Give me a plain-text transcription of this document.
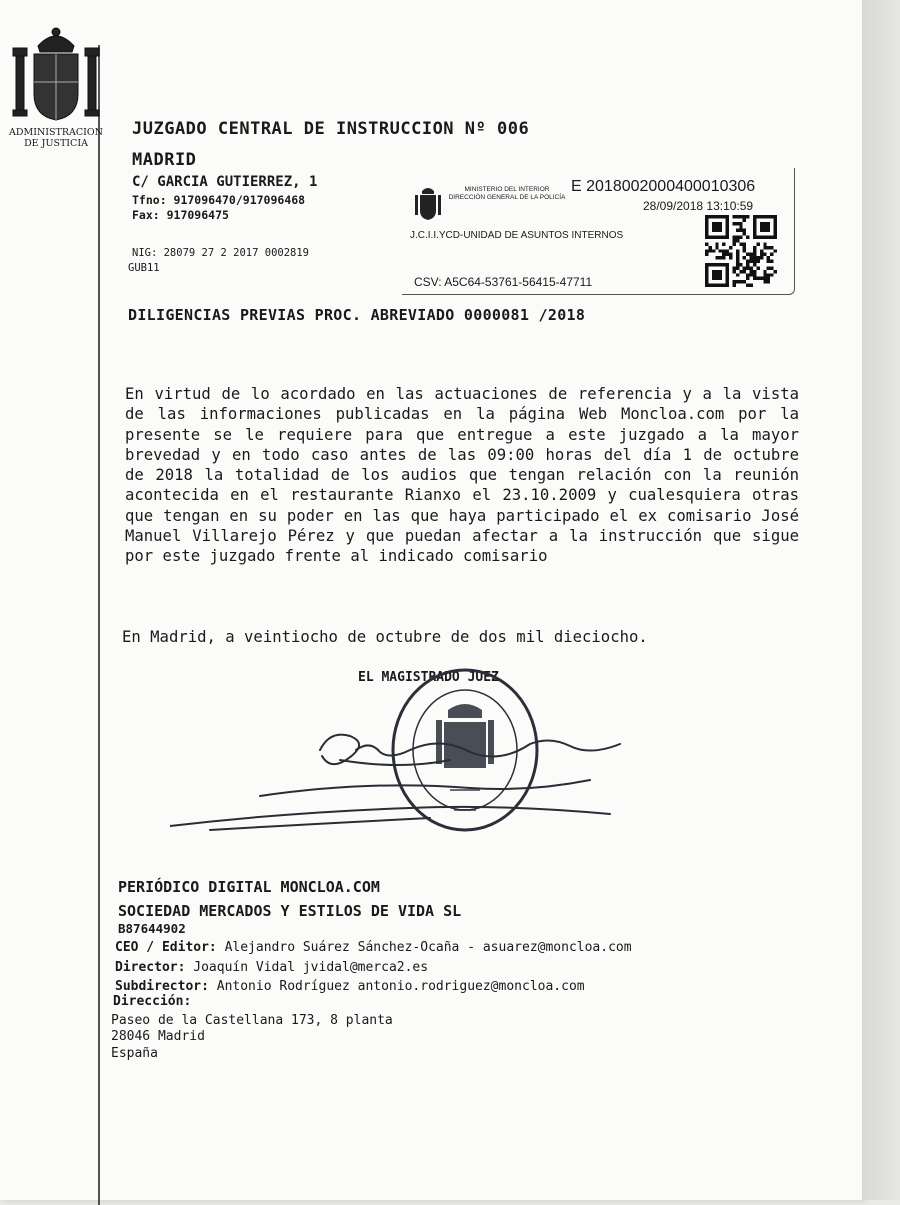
ADMINISTRACION DE JUSTICIA
JUZGADO CENTRAL DE INSTRUCCION Nº 006
MADRID
C/ GARCIA GUTIERREZ, 1
Tfno: 917096470/917096468
Fax: 917096475
NIG: 28079 27 2 2017 0002819
GUB11
MINISTERIO DEL INTERIOR DIRECCIÓN GENERAL DE LA POLICÍA
E 2018002000400010306
28/09/2018 13:10:59
J.C.I.I.YCD-UNIDAD DE ASUNTOS INTERNOS
CSV: A5C64-53761-56415-47711
DILIGENCIAS PREVIAS PROC. ABREVIADO 0000081 /2018
En virtud de lo acordado en las actuaciones de referencia y a la vista de las informaciones publicadas en la página Web Moncloa.com por la presente se le requiere para que entregue a este juzgado a la mayor brevedad y en todo caso antes de las 09:00 horas del día 1 de octubre de 2018 la totalidad de los audios que tengan relación con la reunión acontecida en el restaurante Rianxo el 23.10.2009 y cualesquiera otras que tengan en su poder en las que haya participado el ex comisario José Manuel Villarejo Pérez y que puedan afectar a la instrucción que sigue por este juzgado frente al indicado comisario
En Madrid, a veintiocho de octubre de dos mil dieciocho.
EL MAGISTRADO JUEZ
PERIÓDICO DIGITAL MONCLOA.COM
SOCIEDAD MERCADOS Y ESTILOS DE VIDA SL
B87644902
CEO / Editor: Alejandro Suárez Sánchez-Ocaña - asuarez@moncloa.com
Director: Joaquín Vidal jvidal@merca2.es
Subdirector: Antonio Rodríguez antonio.rodriguez@moncloa.com
Dirección:
Paseo de la Castellana 173, 8 planta
28046 Madrid
España
